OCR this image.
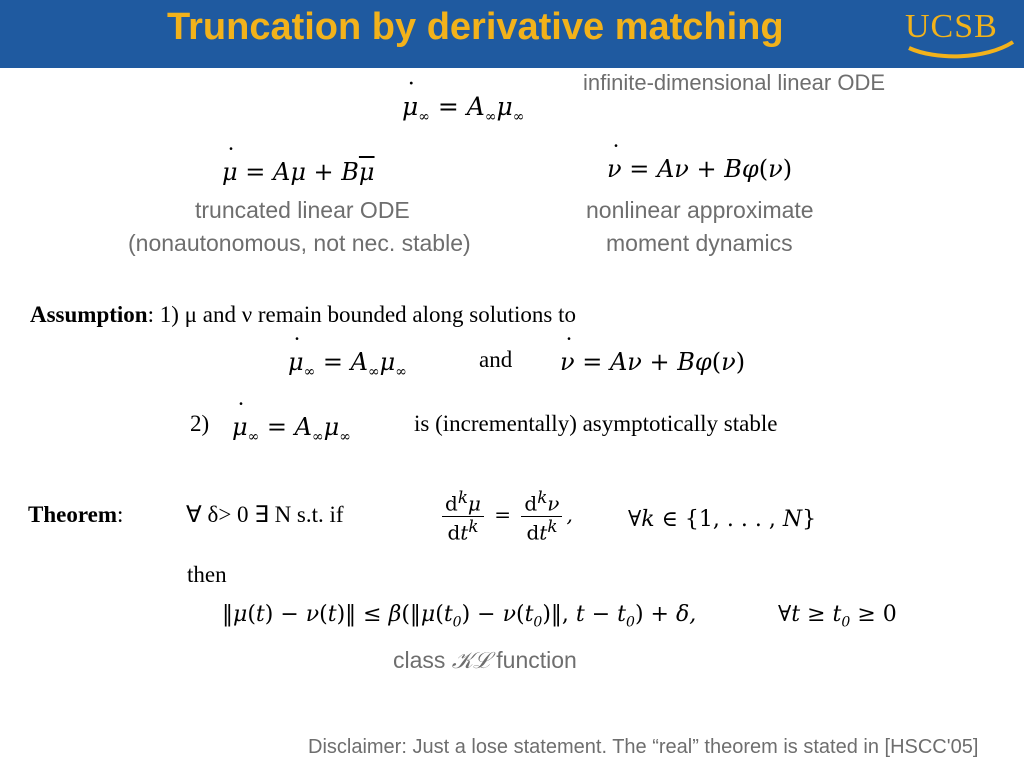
Truncation by derivative matching	UCSB
infinite-dimensional linear ODE
˙ $\mu_\infty = A_\infty\mu_\infty$
˙ $\mu = A\mu + B\overline{\mu}$	˙ ν = Aν + Bφ(ν)
truncated linear ODE
(nonautonomous, not nec. stable)
nonlinear approximate
moment dynamics
Assumption: 1) μ and ν remain bounded along solutions to
˙ $\mu_\infty = A_\infty\mu_\infty$	and ˙ ν = Aν + Bφ(ν)
2) ˙ $\mu_\infty = A_\infty\mu_\infty$
is (incrementally) asymptotically stable
Theorem:	∀ δ> 0 ∃ N s.t. if	$\frac{d^k\mu}{dt^k} = \frac{d^k\nu}{dt^k}$ ,	∀k ∈ {1, . . . , N}
then
‖μ(t) − ν(t)‖ ≤ $\beta(‖\mu(t_0)$ − $\nu(t_0)‖$, $t - t_0) + \delta$,	∀t ≥ $t_0 \ge 0$
class 𝒦ℒ function
Disclaimer: Just a lose statement. The “real” theorem is stated in [HSCC'05]
